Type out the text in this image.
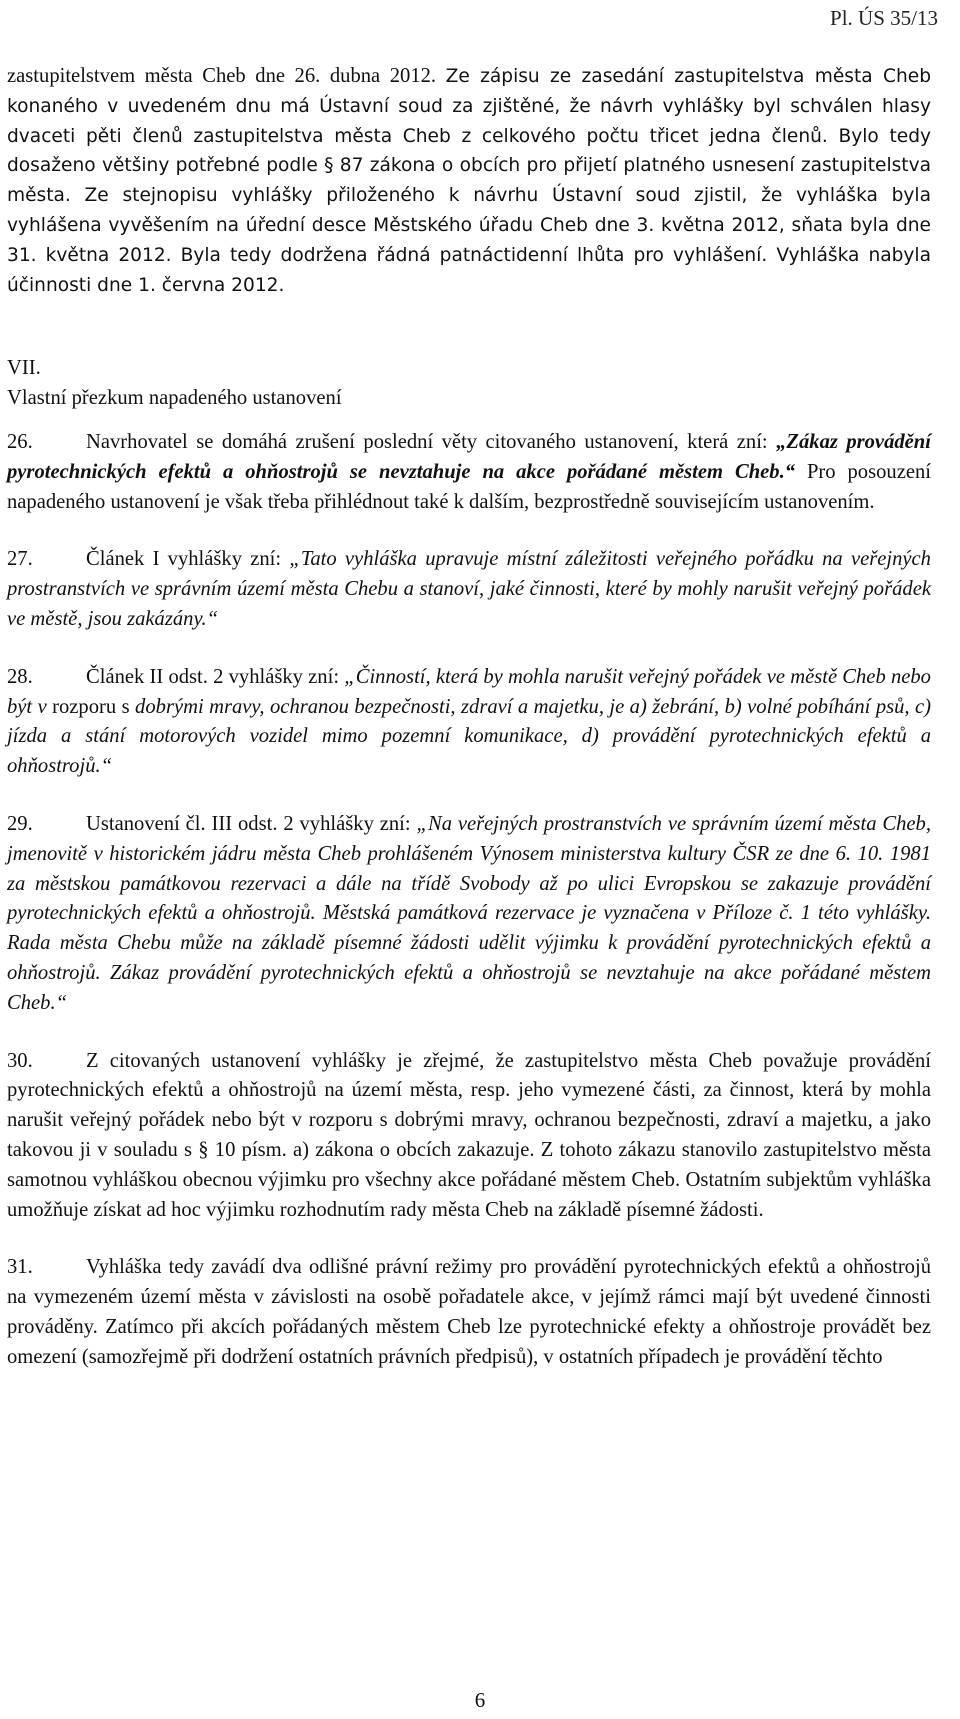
Pl. ÚS 35/13

zastupitelstvem města Cheb dne 26. dubna 2012. Ze zápisu ze zasedání zastupitelstva města Cheb konaného v uvedeném dnu má Ústavní soud za zjištěné, že návrh vyhlášky byl schválen hlasy dvaceti pěti členů zastupitelstva města Cheb z celkového počtu třicet jedna členů. Bylo tedy dosaženo většiny potřebné podle § 87 zákona o obcích pro přijetí platného usnesení zastupitelstva města. Ze stejnopisu vyhlášky přiloženého k návrhu Ústavní soud zjistil, že vyhláška byla vyhlášena vyvěšením na úřední desce Městského úřadu Cheb dne 3. května 2012, sňata byla dne 31. května 2012. Byla tedy dodržena řádná patnáctidenní lhůta pro vyhlášení. Vyhláška nabyla účinnosti dne 1. června 2012.

VII.

Vlastní přezkum napadeného ustanovení

26.	Navrhovatel se domáhá zrušení poslední věty citovaného ustanovení, která zní: „Zákaz provádění pyrotechnických efektů a ohňostrojů se nevztahuje na akce pořádané městem Cheb.“ Pro posouzení napadeného ustanovení je však třeba přihlédnout také k dalším, bezprostředně souvisejícím ustanovením.

27.	Článek I vyhlášky zní: „Tato vyhláška upravuje místní záležitosti veřejného pořádku na veřejných prostranstvích ve správním území města Chebu a stanoví, jaké činnosti, které by mohly narušit veřejný pořádek ve městě, jsou zakázány.“

28.	Článek II odst. 2 vyhlášky zní: „Činností, která by mohla narušit veřejný pořádek ve městě Cheb nebo být v rozporu s dobrými mravy, ochranou bezpečnosti, zdraví a majetku, je a) žebrání, b) volné pobíhání psů, c) jízda a stání motorových vozidel mimo pozemní komunikace, d) provádění pyrotechnických efektů a ohňostrojů.“

29.	Ustanovení čl. III odst. 2 vyhlášky zní: „Na veřejných prostranstvích ve správním území města Cheb, jmenovitě v historickém jádru města Cheb prohlášeném Výnosem ministerstva kultury ČSR ze dne 6. 10. 1981 za městskou památkovou rezervaci a dále na třídě Svobody až po ulici Evropskou se zakazuje provádění pyrotechnických efektů a ohňostrojů. Městská památková rezervace je vyznačena v Příloze č. 1 této vyhlášky. Rada města Chebu může na základě písemné žádosti udělit výjimku k provádění pyrotechnických efektů a ohňostrojů. Zákaz provádění pyrotechnických efektů a ohňostrojů se nevztahuje na akce pořádané městem Cheb.“

30.	Z citovaných ustanovení vyhlášky je zřejmé, že zastupitelstvo města Cheb považuje provádění pyrotechnických efektů a ohňostrojů na území města, resp. jeho vymezené části, za činnost, která by mohla narušit veřejný pořádek nebo být v rozporu s dobrými mravy, ochranou bezpečnosti, zdraví a majetku, a jako takovou ji v souladu s § 10 písm. a) zákona o obcích zakazuje. Z tohoto zákazu stanovilo zastupitelstvo města samotnou vyhláškou obecnou výjimku pro všechny akce pořádané městem Cheb. Ostatním subjektům vyhláška umožňuje získat ad hoc výjimku rozhodnutím rady města Cheb na základě písemné žádosti.

31.	Vyhláška tedy zavádí dva odlišné právní režimy pro provádění pyrotechnických efektů a ohňostrojů na vymezeném území města v závislosti na osobě pořadatele akce, v jejímž rámci mají být uvedené činnosti prováděny. Zatímco při akcích pořádaných městem Cheb lze pyrotechnické efekty a ohňostroje provádět bez omezení (samozřejmě při dodržení ostatních právních předpisů), v ostatních případech je provádění těchto

6
